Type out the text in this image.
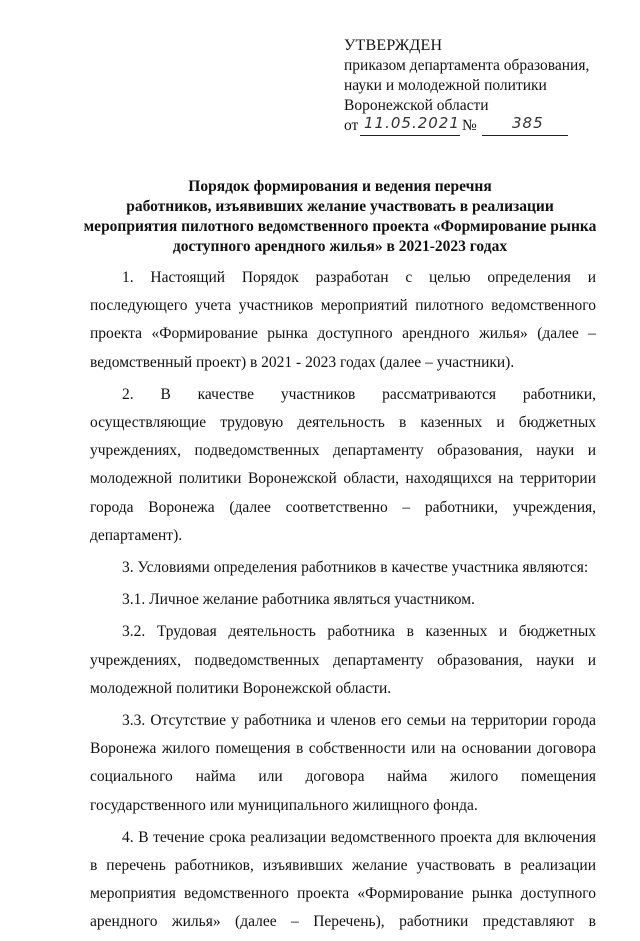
УТВЕРЖДЕН
приказом департамента образования,
науки и молодежной политики
Воронежской области
от 11.05.2021 № 385
Порядок формирования и ведения перечня
работников, изъявивших желание участвовать в реализации
мероприятия пилотного ведомственного проекта «Формирование рынка
доступного арендного жилья» в 2021-2023 годах

1. Настоящий Порядок разработан с целью определения и последующего учета участников мероприятий пилотного ведомственного проекта «Формирование рынка доступного арендного жилья» (далее – ведомственный проект) в 2021 - 2023 годах (далее – участники).

2. В качестве участников рассматриваются работники, осуществляющие трудовую деятельность в казенных и бюджетных учреждениях, подведомственных департаменту образования, науки и молодежной политики Воронежской области, находящихся на территории города Воронежа (далее соответственно – работники, учреждения, департамент).

3. Условиями определения работников в качестве участника являются:

3.1. Личное желание работника являться участником.

3.2. Трудовая деятельность работника в казенных и бюджетных учреждениях, подведомственных департаменту образования, науки и молодежной политики Воронежской области.

3.3. Отсутствие у работника и членов его семьи на территории города Воронежа жилого помещения в собственности или на основании договора социального найма или договора найма жилого помещения государственного или муниципального жилищного фонда.

4. В течение срока реализации ведомственного проекта для включения в перечень работников, изъявивших желание участвовать в реализации мероприятия ведомственного проекта «Формирование рынка доступного арендного жилья» (далее – Перечень), работники представляют в
